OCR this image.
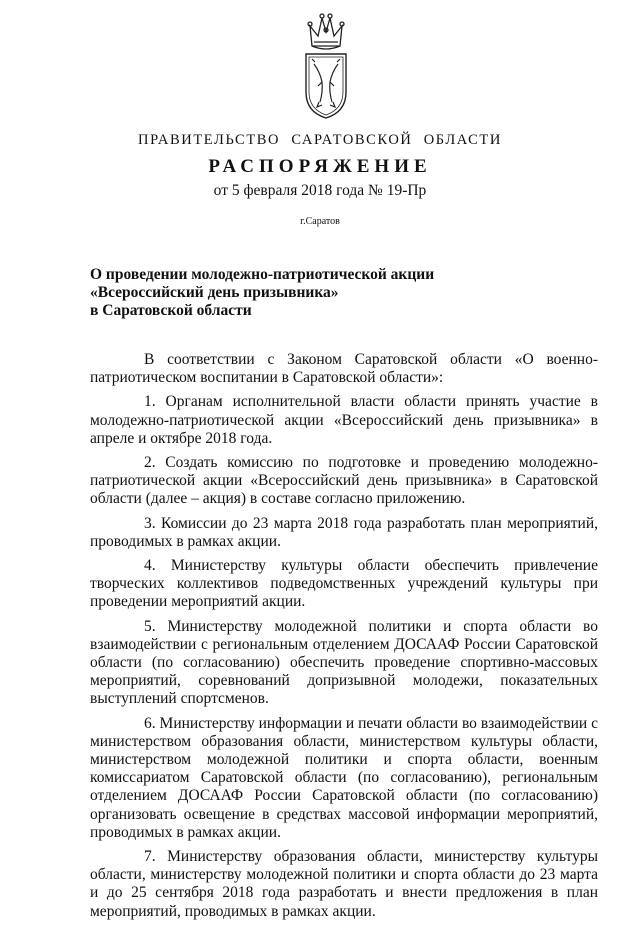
ПРАВИТЕЛЬСТВО САРАТОВСКОЙ ОБЛАСТИ
РАСПОРЯЖЕНИЕ
от 5 февраля 2018 года № 19-Пр
г.Саратов
О проведении молодежно-патриотической акции
«Всероссийский день призывника»
в Саратовской области

В соответствии с Законом Саратовской области «О военно-патриотическом воспитании в Саратовской области»:

1. Органам исполнительной власти области принять участие в молодежно-патриотической акции «Всероссийский день призывника» в апреле и октябре 2018 года.

2. Создать комиссию по подготовке и проведению молодежно-патриотической акции «Всероссийский день призывника» в Саратовской области (далее – акция) в составе согласно приложению.

3. Комиссии до 23 марта 2018 года разработать план мероприятий, проводимых в рамках акции.

4. Министерству культуры области обеспечить привлечение творческих коллективов подведомственных учреждений культуры при проведении мероприятий акции.

5. Министерству молодежной политики и спорта области во взаимодействии с региональным отделением ДОСААФ России Саратовской области (по согласованию) обеспечить проведение спортивно-массовых мероприятий, соревнований допризывной молодежи, показательных выступлений спортсменов.

6. Министерству информации и печати области во взаимодействии с министерством образования области, министерством культуры области, министерством молодежной политики и спорта области, военным комиссариатом Саратовской области (по согласованию), региональным отделением ДОСААФ России Саратовской области (по согласованию) организовать освещение в средствах массовой информации мероприятий, проводимых в рамках акции.

7. Министерству образования области, министерству культуры области, министерству молодежной политики и спорта области до 23 марта и до 25 сентября 2018 года разработать и внести предложения в план мероприятий, проводимых в рамках акции.
